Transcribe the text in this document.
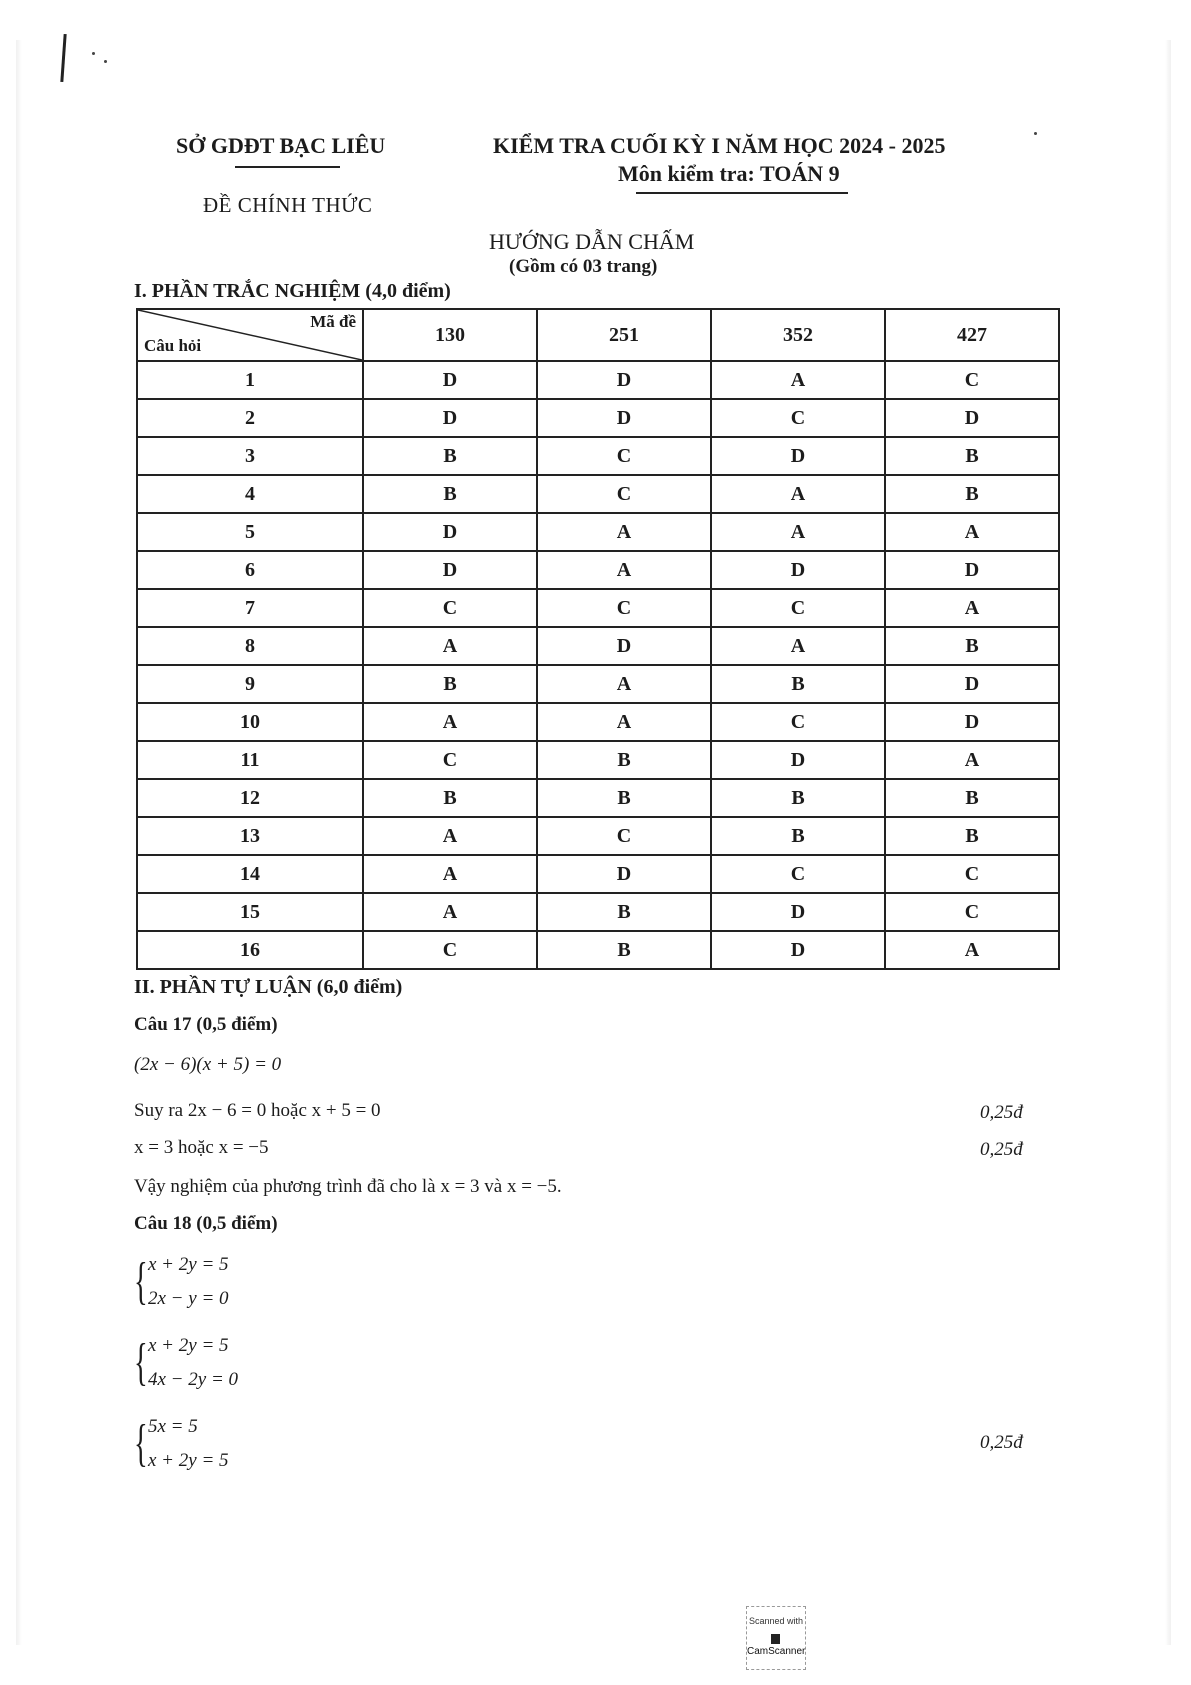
SỞ GDĐT BẠC LIÊU
ĐỀ CHÍNH THỨC
KIỂM TRA CUỐI KỲ I NĂM HỌC 2024 - 2025
Môn kiểm tra: TOÁN 9
HƯỚNG DẪN CHẤM
(Gồm có 03 trang)
I. PHẦN TRẮC NGHIỆM (4,0 điểm)
Mã đề
Câu hỏi	130	251	352	427
1	D	D	A	C
2	D	D	C	D
3	B	C	D	B
4	B	C	A	B
5	D	A	A	A
6	D	A	D	D
7	C	C	C	A
8	A	D	A	B
9	B	A	B	D
10	A	A	C	D
11	C	B	D	A
12	B	B	B	B
13	A	C	B	B
14	A	D	C	C
15	A	B	D	C
16	C	B	D	A
II. PHẦN TỰ LUẬN (6,0 điểm)
Câu 17 (0,5 điểm)
(2x − 6)(x + 5) = 0
Suy ra 2x − 6 = 0 hoặc x + 5 = 0	0,25đ
x = 3 hoặc x = −5	0,25đ
Vậy nghiệm của phương trình đã cho là x = 3 và x = −5.
Câu 18 (0,5 điểm)
{ x + 2y = 5
2x − y = 0
{ x + 2y = 5
4x − 2y = 0
{ 5x = 5
x + 2y = 5
0,25đ
Scanned with
CamScanner
